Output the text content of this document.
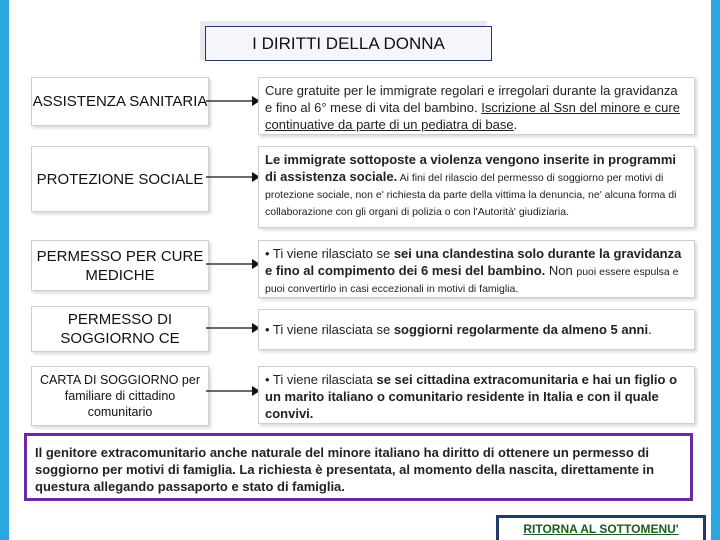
I DIRITTI DELLA DONNA
ASSISTENZA SANITARIA
Cure gratuite per le immigrate regolari e irregolari durante la gravidanza e fino al 6° mese di vita del bambino. Iscrizione al Ssn del minore e cure continuative da parte di un pediatra di base.
PROTEZIONE SOCIALE
Le immigrate sottoposte a violenza vengono inserite in programmi di assistenza sociale. Ai fini del rilascio del permesso di soggiorno per motivi di protezione sociale, non e' richiesta da parte della vittima la denuncia, ne' alcuna forma di collaborazione con gli organi di polizia o con l'Autorità' giudiziaria.
PERMESSO PER CURE MEDICHE
• Ti viene rilasciato se sei una clandestina solo durante la gravidanza e fino al compimento dei 6 mesi del bambino. Non puoi essere espulsa e puoi convertirlo in casi eccezionali in motivi di famiglia.
PERMESSO DI SOGGIORNO CE
• Ti viene rilasciata se soggiorni regolarmente da almeno 5 anni.
CARTA DI SOGGIORNO per familiare di cittadino comunitario
• Ti viene rilasciata se sei cittadina extracomunitaria e hai un figlio o un marito italiano o comunitario residente in Italia e con il quale convivi.
Il genitore extracomunitario anche naturale del minore italiano ha diritto di ottenere un permesso di soggiorno per motivi di famiglia. La richiesta è presentata, al momento della nascita, direttamente in questura allegando passaporto e stato di famiglia.
RITORNA AL SOTTOMENU'
